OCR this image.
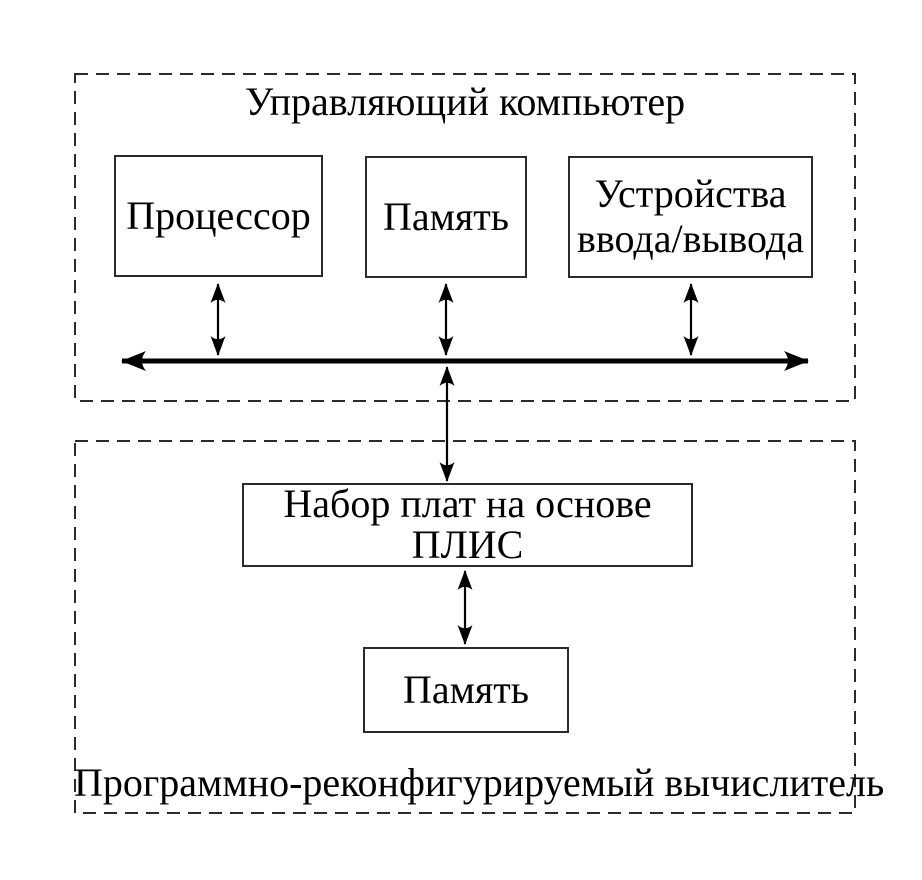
Управляющий компьютер
Процессор Память Устройства
ввода/вывода
Набор плат на основе
ПЛИС
Память
Программно-реконфигурируемый вычислитель
